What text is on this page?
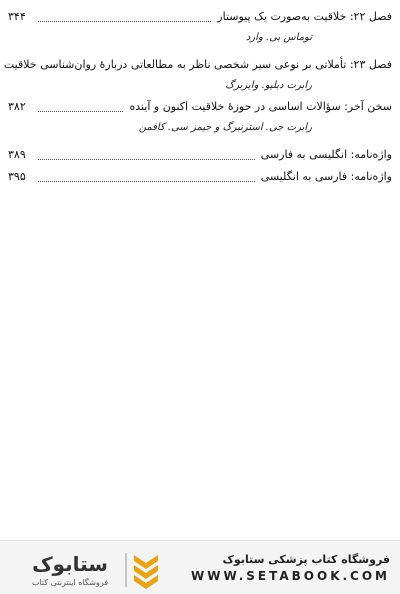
فصل ۲۲: خلاقیت به‌صورت یک پیوستار
۳۴۴
توماس بی. وارد
فصل ۲۳: تأملاتی بر نوعی سیر شخصی ناظر به مطالعاتی دربارهٔ روان‌شناسی خلاقیت
رابرت دبلیو. وایزبرگ
سخن آخر: سؤالات اساسی در حوزهٔ خلاقیت اکنون و آینده
۳۸۲
رابرت جی. استرنبرگ و جیمز سی. کافمن
واژه‌نامه: انگلیسی به فارسی
۳۸۹
واژه‌نامه: فارسی به انگلیسی
۳۹۵
ستابوک
فروشگاه اینترنتی کتاب
فروشگاه کتاب پزشکی ستابوک
WWW.SETABOOK.COM
